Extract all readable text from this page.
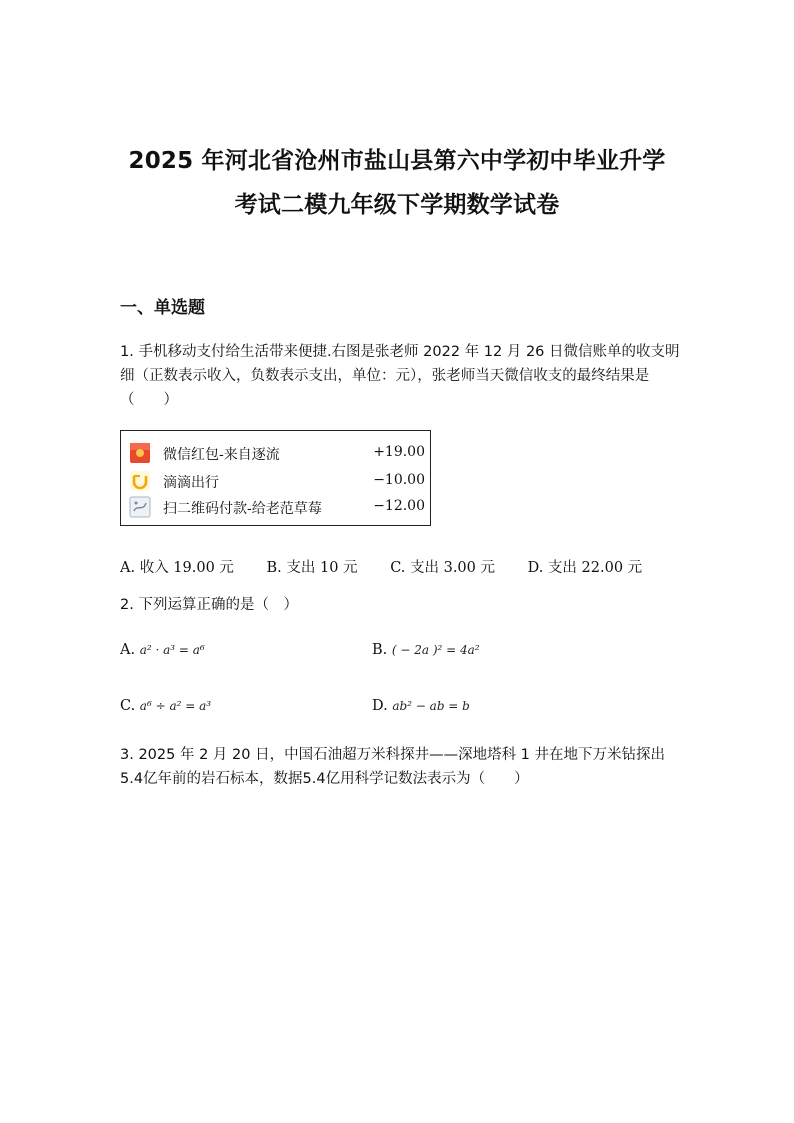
2025 年河北省沧州市盐山县第六中学初中毕业升学
考试二模九年级下学期数学试卷
一、单选题
1. 手机移动支付给生活带来便捷.右图是张老师 2022 年 12 月 26 日微信账单的收支明细（正数表示收入，负数表示支出，单位：元），张老师当天微信收支的最终结果是（　　）
微信红包-来自逐流	+19.00
滴滴出行	−10.00
扫二维码付款-给老范草莓	−12.00
A. 收入 19.00 元 B. 支出 10 元 C. 支出 3.00 元 D. 支出 22.00 元
2. 下列运算正确的是（　）
A. a² · a³ = a⁶	B. ( − 2a )² = 4a²
C. a⁶ ÷ a² = a³	D. ab² − ab = b
3. 2025 年 2 月 20 日，中国石油超万米科探井——深地塔科 1 井在地下万米钻探出5.4亿年前的岩石标本，数据5.4亿用科学记数法表示为（　　）
